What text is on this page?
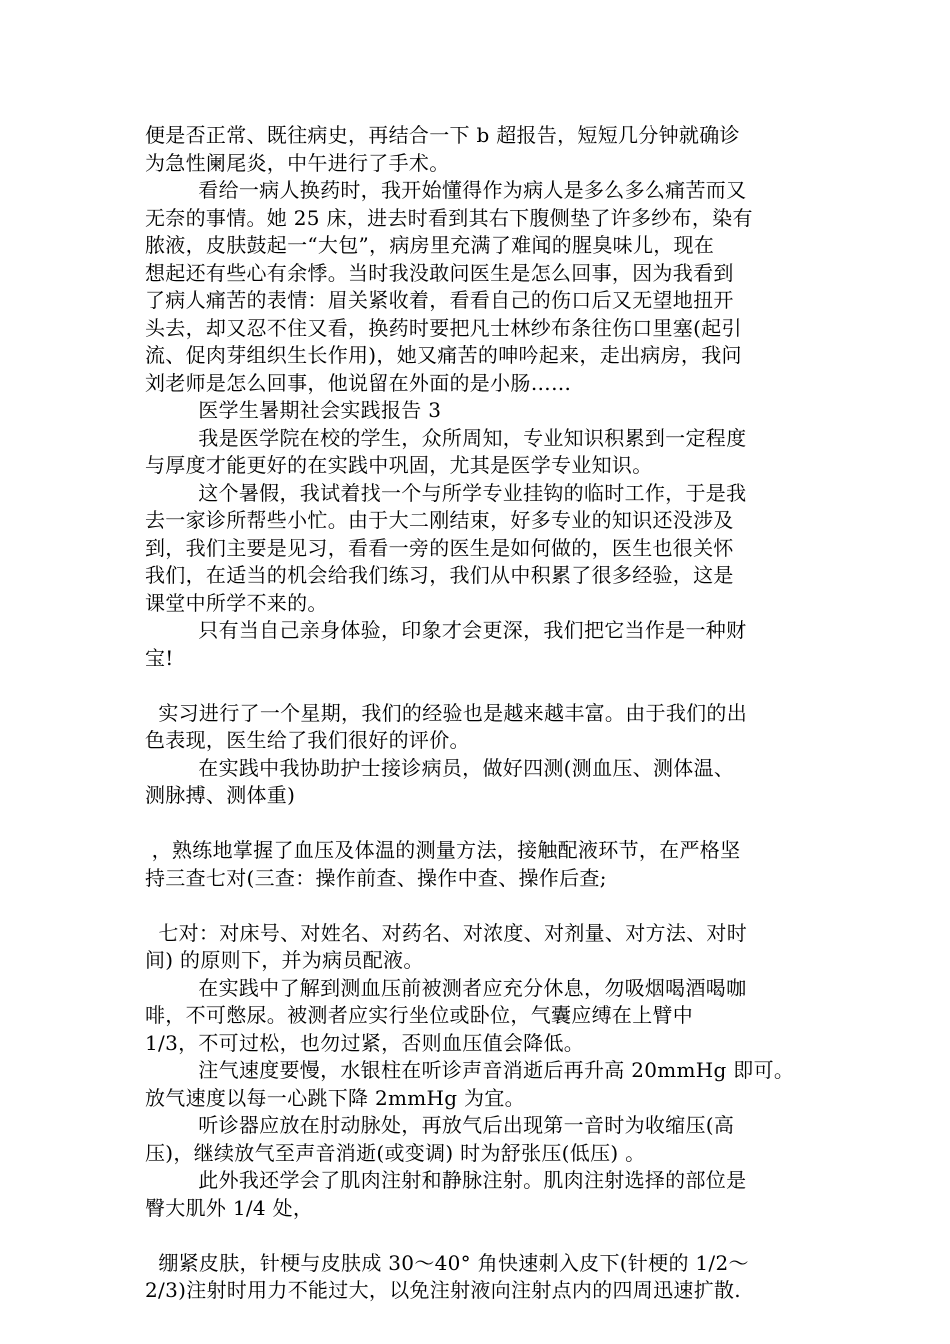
便是否正常、既往病史，再结合一下 b 超报告，短短几分钟就确诊
为急性阑尾炎，中午进行了手术。
看给一病人换药时，我开始懂得作为病人是多么多么痛苦而又
无奈的事情。她 25 床，进去时看到其右下腹侧垫了许多纱布，染有
脓液，皮肤鼓起一“大包”，病房里充满了难闻的腥臭味儿，现在
想起还有些心有余悸。当时我没敢问医生是怎么回事，因为我看到
了病人痛苦的表情：眉关紧收着，看看自己的伤口后又无望地扭开
头去，却又忍不住又看，换药时要把凡士林纱布条往伤口里塞(起引
流、促肉芽组织生长作用)，她又痛苦的呻吟起来，走出病房，我问
刘老师是怎么回事，他说留在外面的是小肠……
医学生暑期社会实践报告 3
我是医学院在校的学生，众所周知，专业知识积累到一定程度
与厚度才能更好的在实践中巩固，尤其是医学专业知识。
这个暑假，我试着找一个与所学专业挂钩的临时工作，于是我
去一家诊所帮些小忙。由于大二刚结束，好多专业的知识还没涉及
到，我们主要是见习，看看一旁的医生是如何做的，医生也很关怀
我们，在适当的机会给我们练习，我们从中积累了很多经验，这是
课堂中所学不来的。
只有当自己亲身体验，印象才会更深，我们把它当作是一种财
宝!

实习进行了一个星期，我们的经验也是越来越丰富。由于我们的出
色表现，医生给了我们很好的评价。
在实践中我协助护士接诊病员，做好四测(测血压、测体温、
测脉搏、测体重)

，熟练地掌握了血压及体温的测量方法，接触配液环节，在严格坚
持三查七对(三查：操作前查、操作中查、操作后查;

七对：对床号、对姓名、对药名、对浓度、对剂量、对方法、对时
间) 的原则下，并为病员配液。
在实践中了解到测血压前被测者应充分休息，勿吸烟喝酒喝咖
啡，不可憋尿。被测者应实行坐位或卧位，气囊应缚在上臂中
1/3，不可过松，也勿过紧，否则血压值会降低。
注气速度要慢，水银柱在听诊声音消逝后再升高 20mmHg 即可。
放气速度以每一心跳下降 2mmHg 为宜。
听诊器应放在肘动脉处，再放气后出现第一音时为收缩压(高
压)，继续放气至声音消逝(或变调) 时为舒张压(低压) 。
此外我还学会了肌肉注射和静脉注射。肌肉注射选择的部位是
臀大肌外 1/4 处，

绷紧皮肤，针梗与皮肤成 30～40° 角快速刺入皮下(针梗的 1/2～
2/3)注射时用力不能过大，以免注射液向注射点内的四周迅速扩散.
